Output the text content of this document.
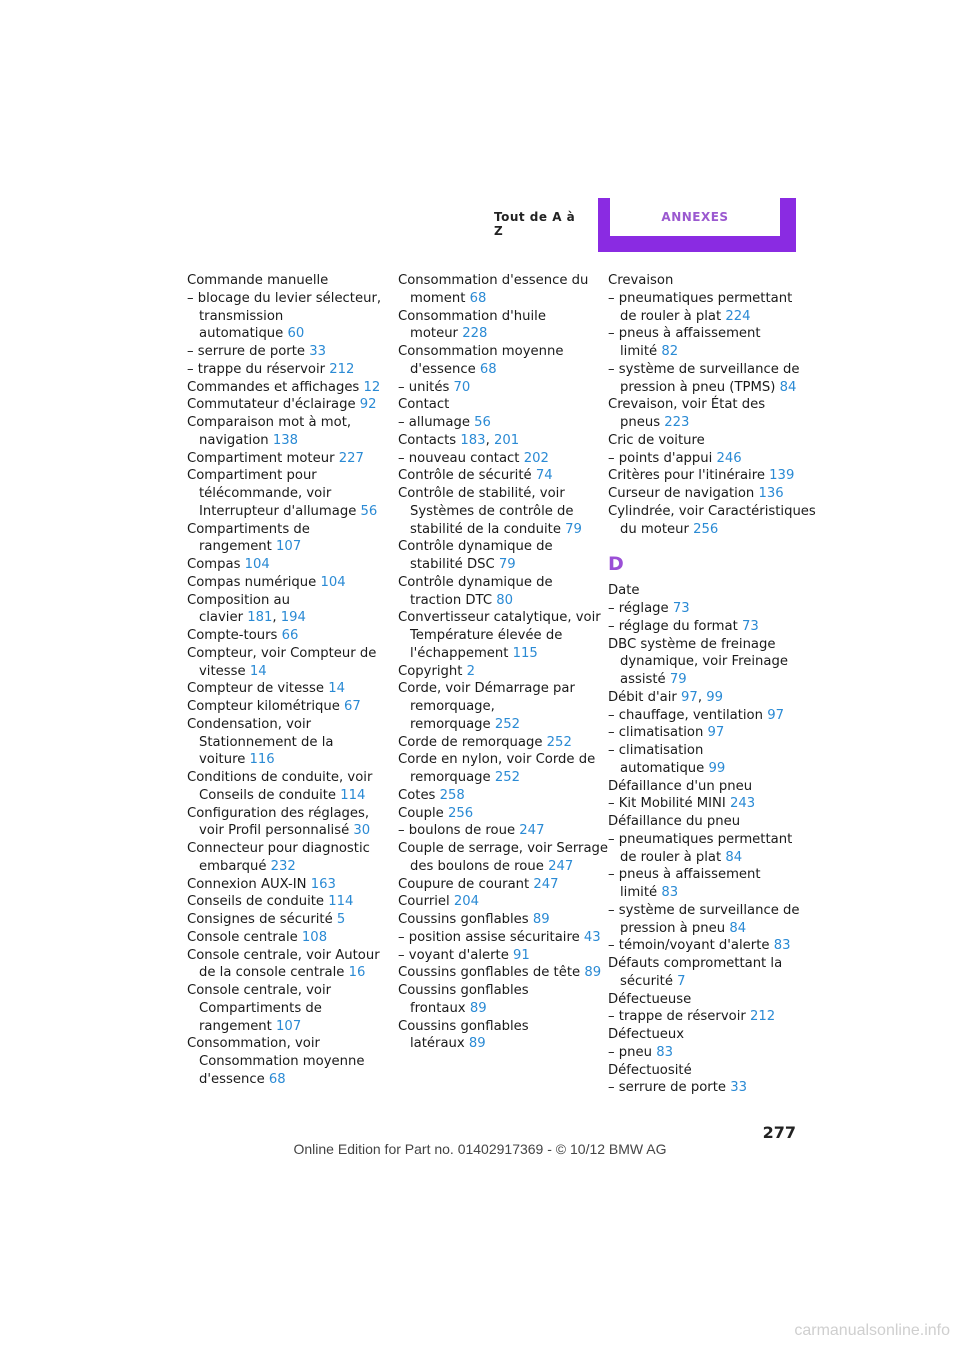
Tout de A à Z
ANNEXES
Commande manuelle
– blocage du levier sélecteur,
transmission
automatique 60
– serrure de porte 33
– trappe du réservoir 212
Commandes et affichages 12
Commutateur d'éclairage 92
Comparaison mot à mot,
navigation 138
Compartiment moteur 227
Compartiment pour
télécommande, voir
Interrupteur d'allumage 56
Compartiments de
rangement 107
Compas 104
Compas numérique 104
Composition au
clavier 181, 194
Compte-tours 66
Compteur, voir Compteur de
vitesse 14
Compteur de vitesse 14
Compteur kilométrique 67
Condensation, voir
Stationnement de la
voiture 116
Conditions de conduite, voir
Conseils de conduite 114
Configuration des réglages,
voir Profil personnalisé 30
Connecteur pour diagnostic
embarqué 232
Connexion AUX-IN 163
Conseils de conduite 114
Consignes de sécurité 5
Console centrale 108
Console centrale, voir Autour
de la console centrale 16
Console centrale, voir
Compartiments de
rangement 107
Consommation, voir
Consommation moyenne
d'essence 68
Consommation d'essence du
moment 68
Consommation d'huile
moteur 228
Consommation moyenne
d'essence 68
– unités 70
Contact
– allumage 56
Contacts 183, 201
– nouveau contact 202
Contrôle de sécurité 74
Contrôle de stabilité, voir
Systèmes de contrôle de
stabilité de la conduite 79
Contrôle dynamique de
stabilité DSC 79
Contrôle dynamique de
traction DTC 80
Convertisseur catalytique, voir
Température élevée de
l'échappement 115
Copyright 2
Corde, voir Démarrage par
remorquage,
remorquage 252
Corde de remorquage 252
Corde en nylon, voir Corde de
remorquage 252
Cotes 258
Couple 256
– boulons de roue 247
Couple de serrage, voir Serrage
des boulons de roue 247
Coupure de courant 247
Courriel 204
Coussins gonflables 89
– position assise sécuritaire 43
– voyant d'alerte 91
Coussins gonflables de tête 89
Coussins gonflables
frontaux 89
Coussins gonflables
latéraux 89
Crevaison
– pneumatiques permettant
de rouler à plat 224
– pneus à affaissement
limité 82
– système de surveillance de
pression à pneu (TPMS) 84
Crevaison, voir État des
pneus 223
Cric de voiture
– points d'appui 246
Critères pour l'itinéraire 139
Curseur de navigation 136
Cylindrée, voir Caractéristiques
du moteur 256
D
Date
– réglage 73
– réglage du format 73
DBC système de freinage
dynamique, voir Freinage
assisté 79
Débit d'air 97, 99
– chauffage, ventilation 97
– climatisation 97
– climatisation
automatique 99
Défaillance d'un pneu
– Kit Mobilité MINI 243
Défaillance du pneu
– pneumatiques permettant
de rouler à plat 84
– pneus à affaissement
limité 83
– système de surveillance de
pression à pneu 84
– témoin/voyant d'alerte 83
Défauts compromettant la
sécurité 7
Défectueuse
– trappe de réservoir 212
Défectueux
– pneu 83
Défectuosité
– serrure de porte 33
277
Online Edition for Part no. 01402917369 - © 10/12 BMW AG
carmanualsonline.info
